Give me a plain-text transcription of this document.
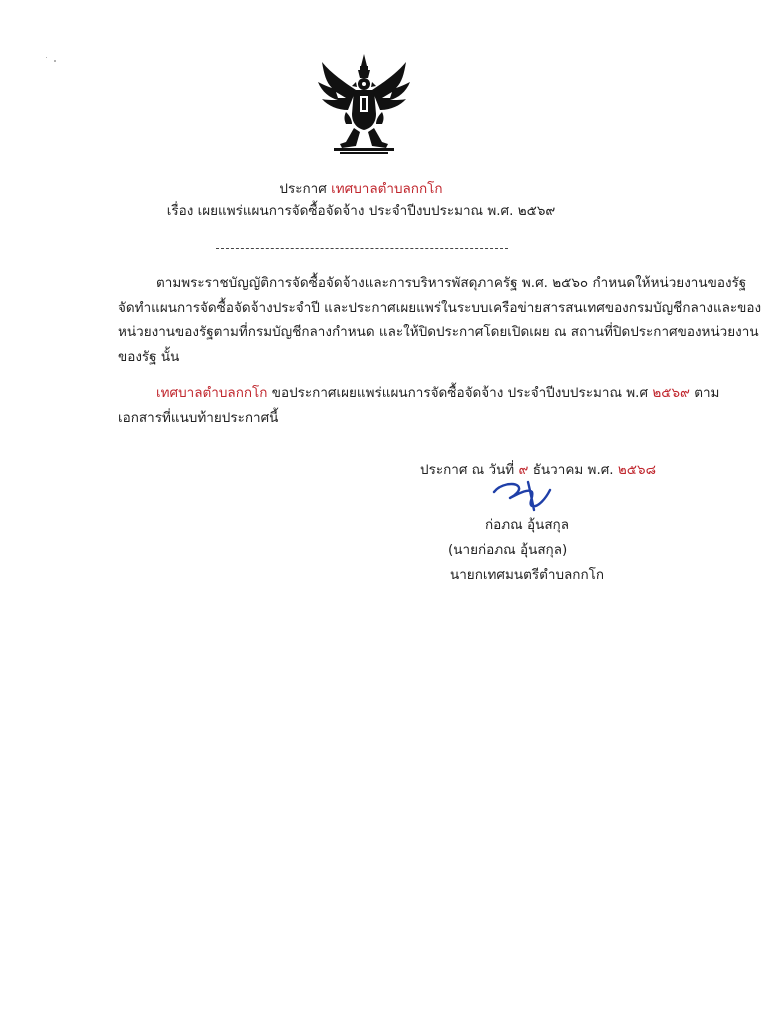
ประกาศ เทศบาลตำบลกกโก
เรื่อง เผยแพร่แผนการจัดซื้อจัดจ้าง ประจำปีงบประมาณ พ.ศ. ๒๕๖๙
ตามพระราชบัญญัติการจัดซื้อจัดจ้างและการบริหารพัสดุภาครัฐ พ.ศ. ๒๕๖๐ กำหนดให้หน่วยงานของรัฐ
จัดทำแผนการจัดซื้อจัดจ้างประจำปี และประกาศเผยแพร่ในระบบเครือข่ายสารสนเทศของกรมบัญชีกลางและของ
หน่วยงานของรัฐตามที่กรมบัญชีกลางกำหนด และให้ปิดประกาศโดยเปิดเผย ณ สถานที่ปิดประกาศของหน่วยงาน
ของรัฐ นั้น
เทศบาลตำบลกกโก ขอประกาศเผยแพร่แผนการจัดซื้อจัดจ้าง ประจำปีงบประมาณ พ.ศ ๒๕๖๙ ตาม
เอกสารที่แนบท้ายประกาศนี้
ประกาศ ณ วันที่ ๙ ธันวาคม พ.ศ. ๒๕๖๘
ก่อภณ อุ้นสกุล
(นายก่อภณ อุ้นสกุล)
นายกเทศมนตรีตำบลกกโก
